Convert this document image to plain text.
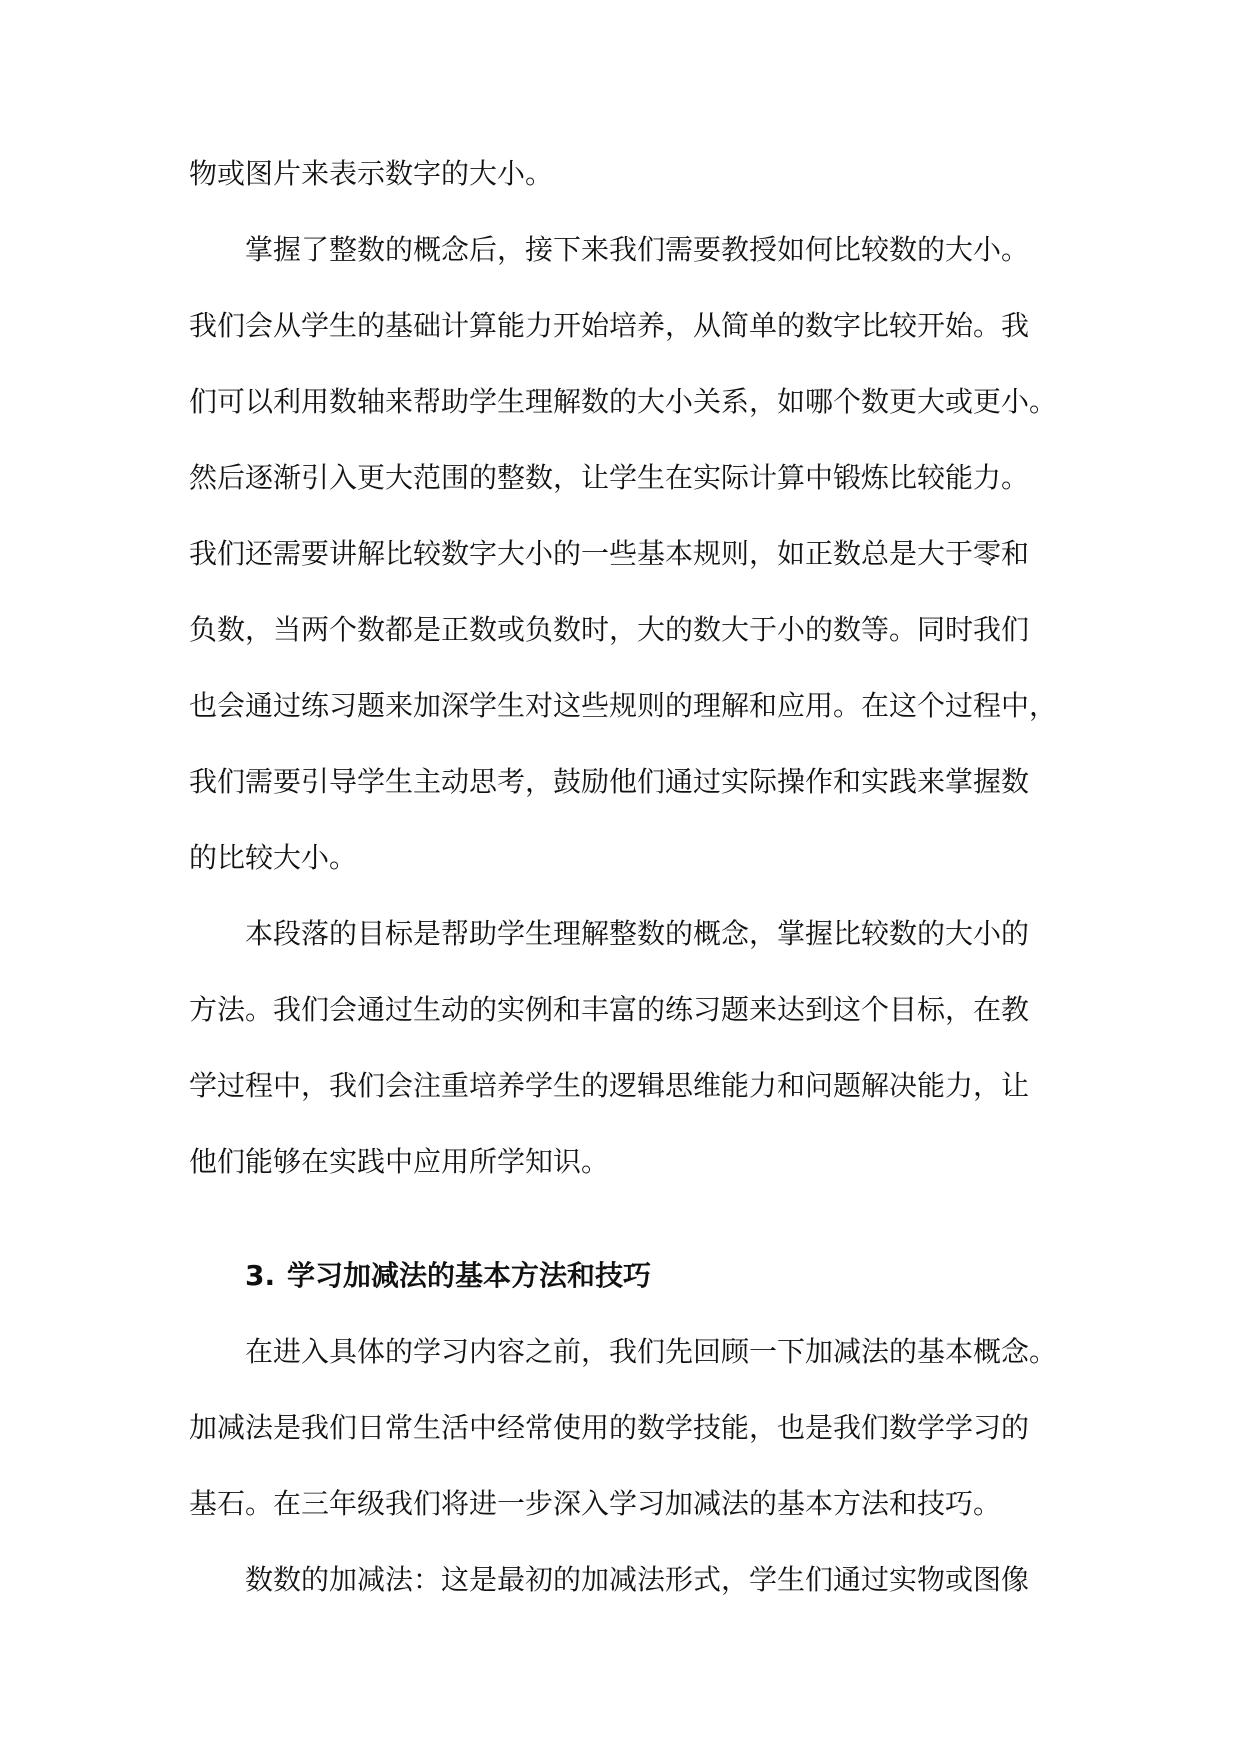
物或图片来表示数字的大小。
掌握了整数的概念后，接下来我们需要教授如何比较数的大小。
我们会从学生的基础计算能力开始培养，从简单的数字比较开始。我
们可以利用数轴来帮助学生理解数的大小关系，如哪个数更大或更小。
然后逐渐引入更大范围的整数，让学生在实际计算中锻炼比较能力。
我们还需要讲解比较数字大小的一些基本规则，如正数总是大于零和
负数，当两个数都是正数或负数时，大的数大于小的数等。同时我们
也会通过练习题来加深学生对这些规则的理解和应用。在这个过程中，
我们需要引导学生主动思考，鼓励他们通过实际操作和实践来掌握数
的比较大小。
本段落的目标是帮助学生理解整数的概念，掌握比较数的大小的
方法。我们会通过生动的实例和丰富的练习题来达到这个目标，在教
学过程中，我们会注重培养学生的逻辑思维能力和问题解决能力，让
他们能够在实践中应用所学知识。
3. 学习加减法的基本方法和技巧
在进入具体的学习内容之前，我们先回顾一下加减法的基本概念。
加减法是我们日常生活中经常使用的数学技能，也是我们数学学习的
基石。在三年级我们将进一步深入学习加减法的基本方法和技巧。
数数的加减法：这是最初的加减法形式，学生们通过实物或图像
